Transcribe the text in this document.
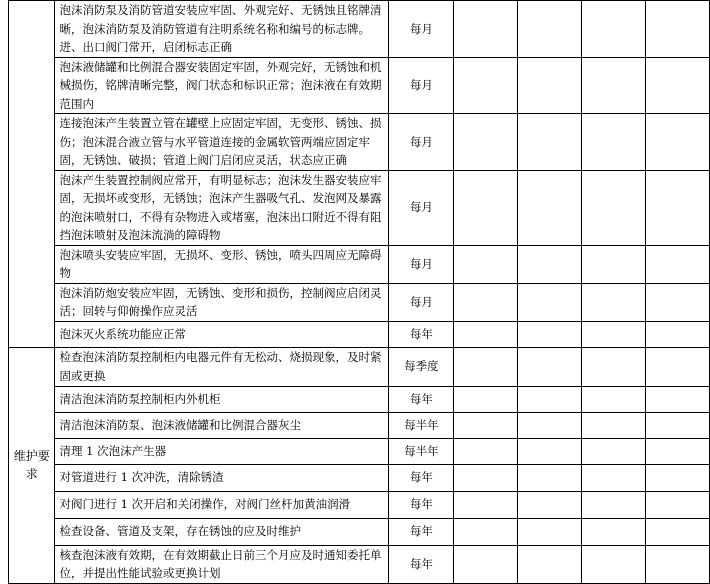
	泡沫消防泵及消防管道安装应牢固、外观完好、无锈蚀且铭牌清晰，泡沫消防泵及消防管道有注明系统名称和编号的标志牌。进、出口阀门常开，启闭标志正确	每月				
	泡沫液储罐和比例混合器安装固定牢固，外观完好，无锈蚀和机械损伤，铭牌清晰完整，阀门状态和标识正常；泡沫液在有效期范围内	每月				
	连接泡沫产生装置立管在罐壁上应固定牢固，无变形、锈蚀、损伤；泡沫混合液立管与水平管道连接的金属软管两端应固定牢固，无锈蚀、破损；管道上阀门启闭应灵活，状态应正确	每月				
	泡沫产生装置控制阀应常开，有明显标志；泡沫发生器安装应牢固，无损坏或变形，无锈蚀；泡沫产生器吸气孔、发泡网及暴露的泡沫喷射口，不得有杂物进入或堵塞，泡沫出口附近不得有阻挡泡沫喷射及泡沫流淌的障碍物	每月				
	泡沫喷头安装应牢固，无损坏、变形、锈蚀，喷头四周应无障碍物	每月				
	泡沫消防炮安装应牢固，无锈蚀、变形和损伤，控制阀应启闭灵活；回转与仰俯操作应灵活	每月				
	泡沫灭火系统功能应正常	每年				
维护要求	检查泡沫消防泵控制柜内电器元件有无松动、烧损现象，及时紧固或更换	每季度				
	清洁泡沫消防泵控制柜内外机柜	每年				
	清洁泡沫消防泵、泡沫液储罐和比例混合器灰尘	每半年				
	清理 1 次泡沫产生器	每半年				
	对管道进行 1 次冲洗，清除锈渣	每年				
	对阀门进行 1 次开启和关闭操作，对阀门丝杆加黄油润滑	每年				
	检查设备、管道及支架，存在锈蚀的应及时维护	每年				
	核查泡沫液有效期，在有效期截止日前三个月应及时通知委托单位，并提出性能试验或更换计划	每年				
